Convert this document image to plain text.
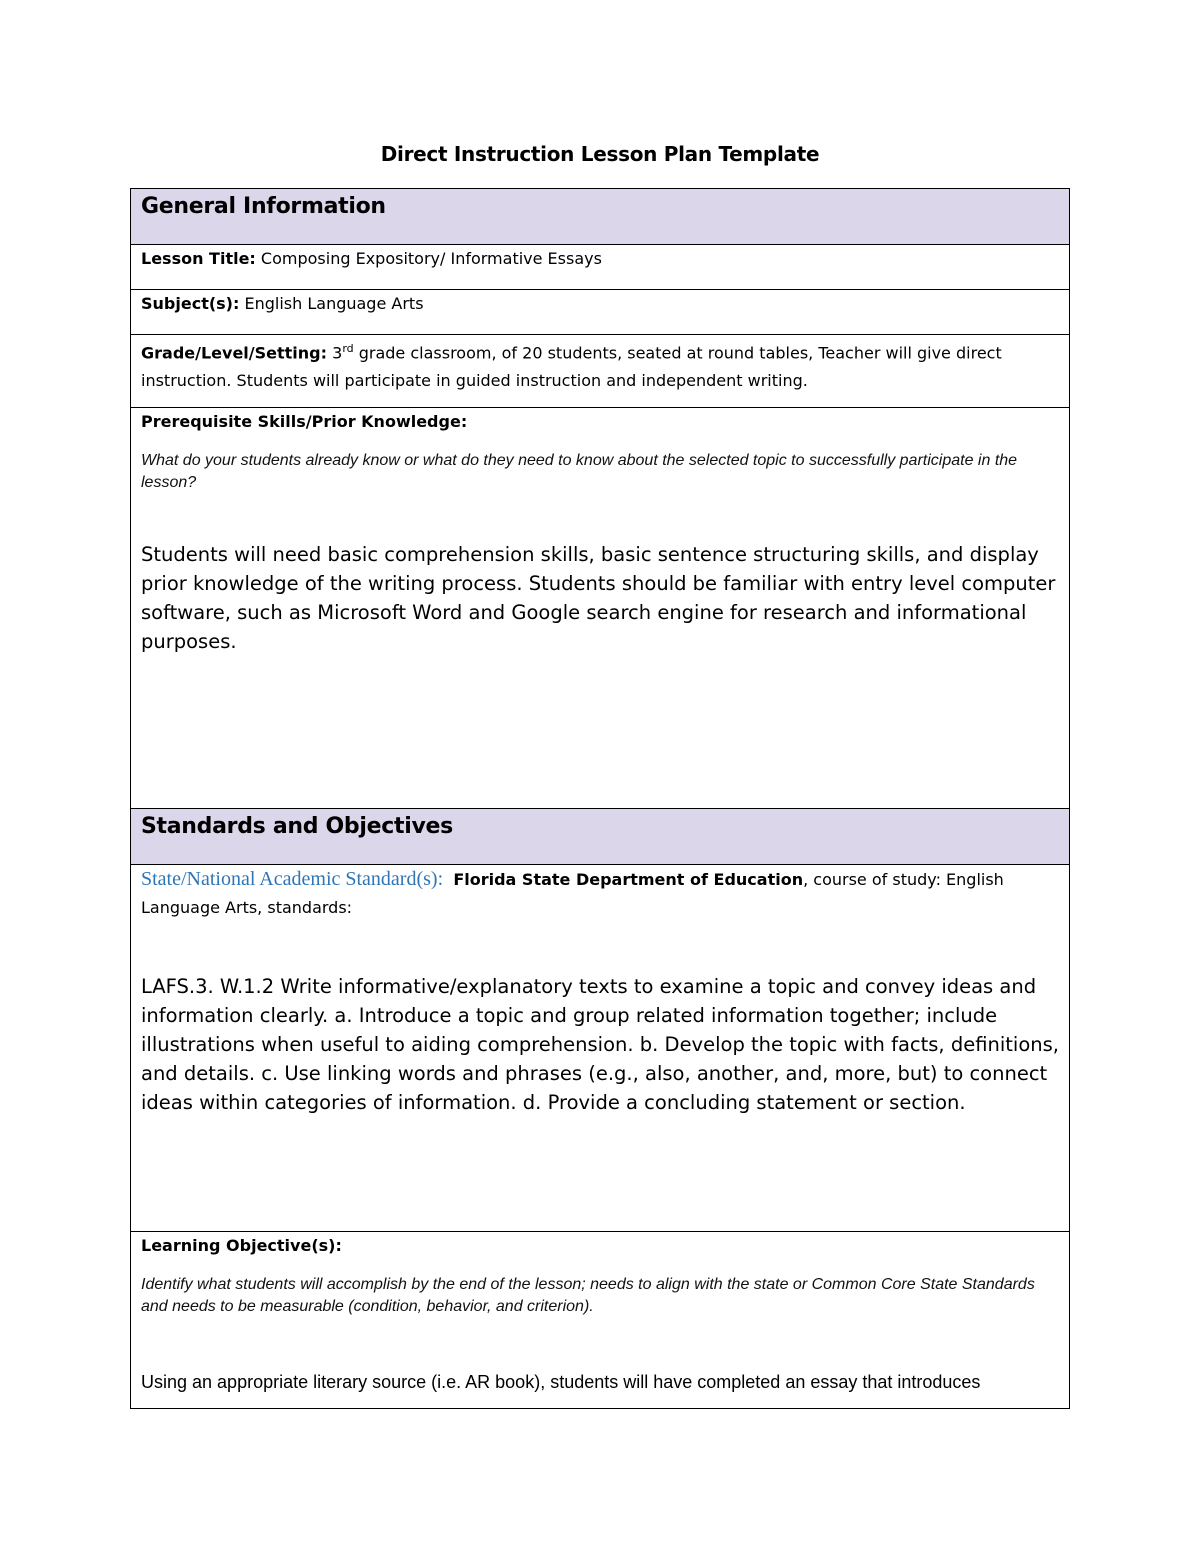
Direct Instruction Lesson Plan Template
General Information
Lesson Title: Composing Expository/ Informative Essays
Subject(s): English Language Arts
Grade/Level/Setting: 3rd grade classroom, of 20 students, seated at round tables, Teacher will give direct instruction. Students will participate in guided instruction and independent writing.

Prerequisite Skills/Prior Knowledge:
What do your students already know or what do they need to know about the selected topic to successfully participate in the lesson?
Students will need basic comprehension skills, basic sentence structuring skills, and display prior knowledge of the writing process. Students should be familiar with entry level computer software, such as Microsoft Word and Google search engine for research and informational purposes.

Standards and Objectives

State/National Academic Standard(s): Florida State Department of Education, course of study: English Language Arts, standards:
LAFS.3. W.1.2 Write informative/explanatory texts to examine a topic and convey ideas and information clearly. a. Introduce a topic and group related information together; include illustrations when useful to aiding comprehension. b. Develop the topic with facts, definitions, and details. c. Use linking words and phrases (e.g., also, another, and, more, but) to connect ideas within categories of information. d. Provide a concluding statement or section.

Learning Objective(s):
Identify what students will accomplish by the end of the lesson; needs to align with the state or Common Core State Standards and needs to be measurable (condition, behavior, and criterion).
Using an appropriate literary source (i.e. AR book), students will have completed an essay that introduces
